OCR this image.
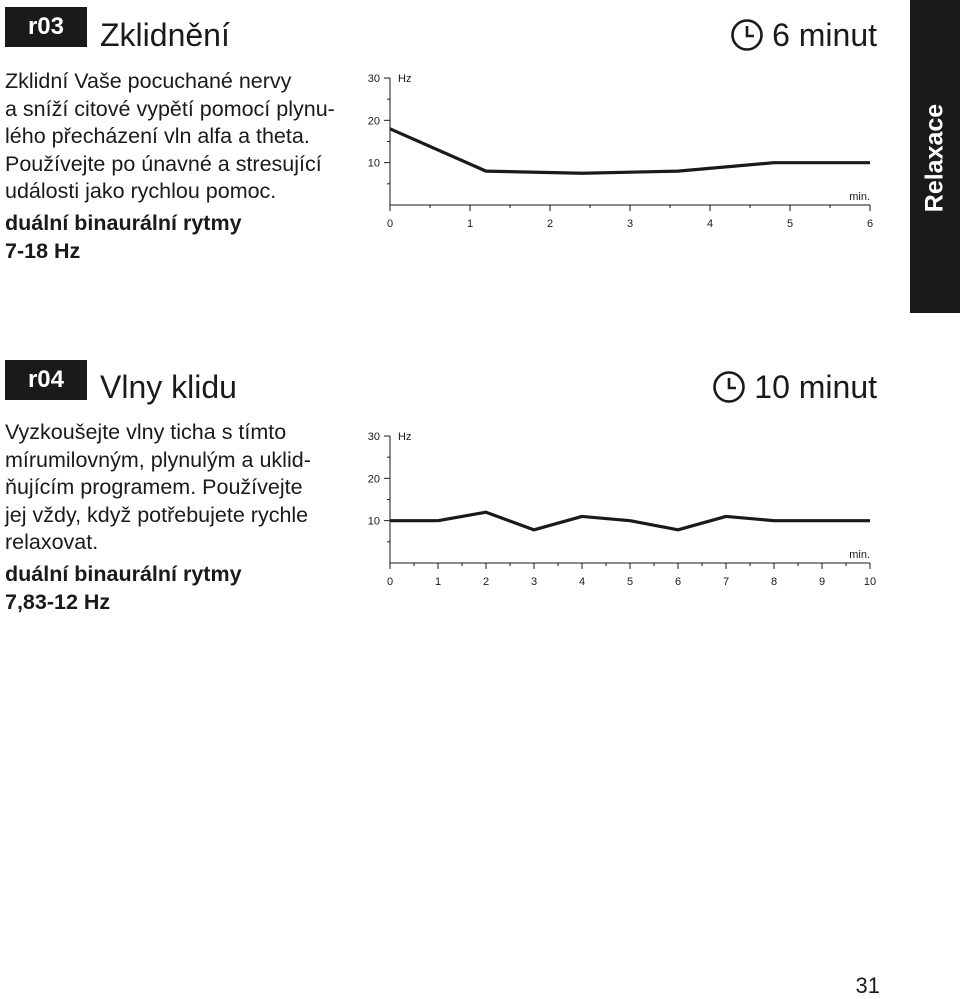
r03	Zklidnění	6 minut

Zklidní Vaše pocuchané nervy
a sníží citové vypětí pomocí plynu-
lého přecházení vln alfa a theta.
Používejte po únavné a stresující
události jako rychlou pomoc.

duální binaurální rytmy
7-18 Hz
10
20
30 Hz
0	1	2	3	4	5	6
min. Relaxace
r04	Vlny klidu	10 minut

Vyzkoušejte vlny ticha s tímto
mírumilovným, plynulým a uklid-
ňujícím programem. Používejte
jej vždy, když potřebujete rychle
relaxovat.

duální binaurální rytmy
7,83-12 Hz
10
20
30 Hz
0	1	2	3	4	5	6	7	8	9	10
min.
31
